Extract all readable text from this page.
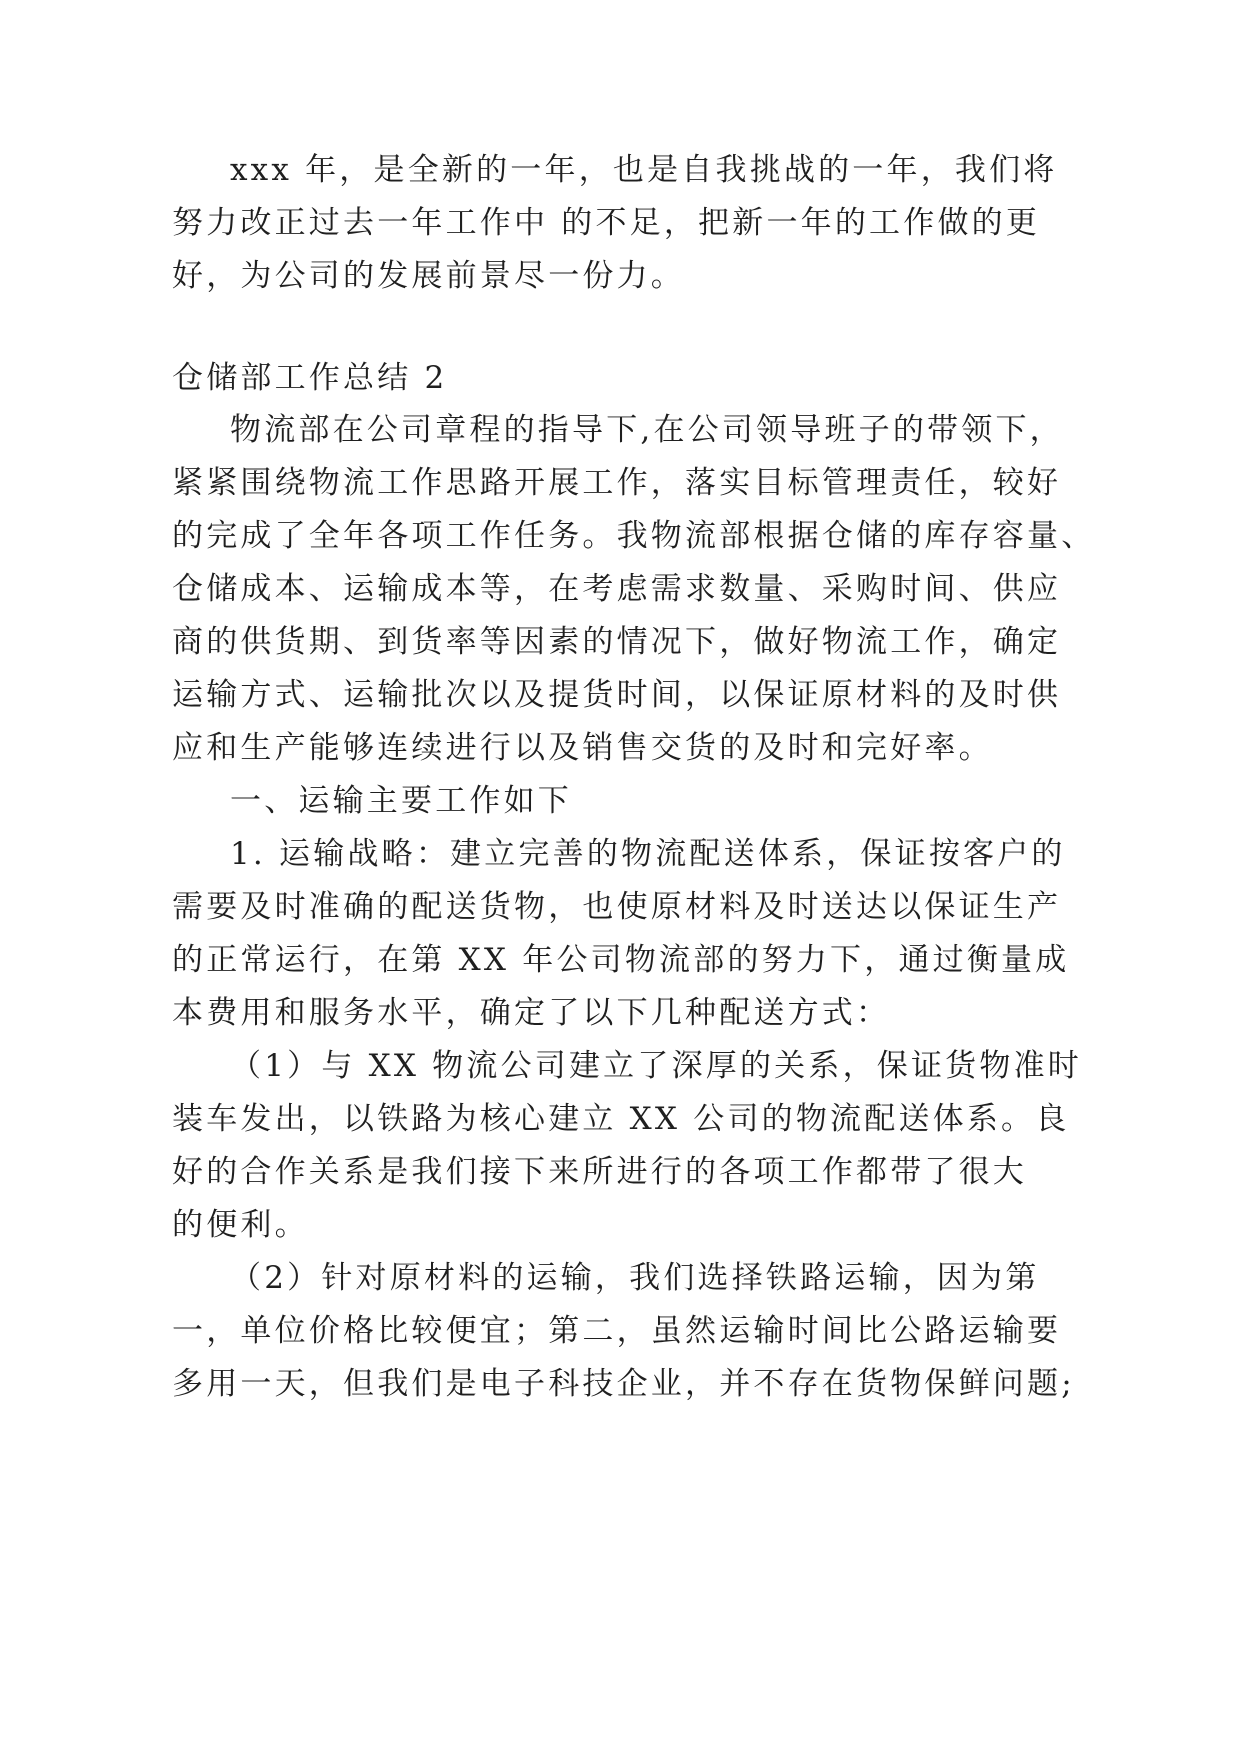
xxx 年，是全新的一年，也是自我挑战的一年，我们将

努力改正过去一年工作中 的不足，把新一年的工作做的更

好，为公司的发展前景尽一份力。

仓储部工作总结 2

物流部在公司章程的指导下,在公司领导班子的带领下，

紧紧围绕物流工作思路开展工作，落实目标管理责任，较好

的完成了全年各项工作任务。我物流部根据仓储的库存容量、

仓储成本、运输成本等，在考虑需求数量、采购时间、供应

商的供货期、到货率等因素的情况下，做好物流工作，确定

运输方式、运输批次以及提货时间，以保证原材料的及时供

应和生产能够连续进行以及销售交货的及时和完好率。

一、运输主要工作如下

1. 运输战略：建立完善的物流配送体系，保证按客户的

需要及时准确的配送货物，也使原材料及时送达以保证生产

的正常运行，在第 XX 年公司物流部的努力下，通过衡量成

本费用和服务水平，确定了以下几种配送方式：

（1）与 XX 物流公司建立了深厚的关系，保证货物准时

装车发出，以铁路为核心建立 XX 公司的物流配送体系。良

好的合作关系是我们接下来所进行的各项工作都带了很大

的便利。

（2）针对原材料的运输，我们选择铁路运输，因为第

一，单位价格比较便宜；第二，虽然运输时间比公路运输要

多用一天，但我们是电子科技企业，并不存在货物保鲜问题;
